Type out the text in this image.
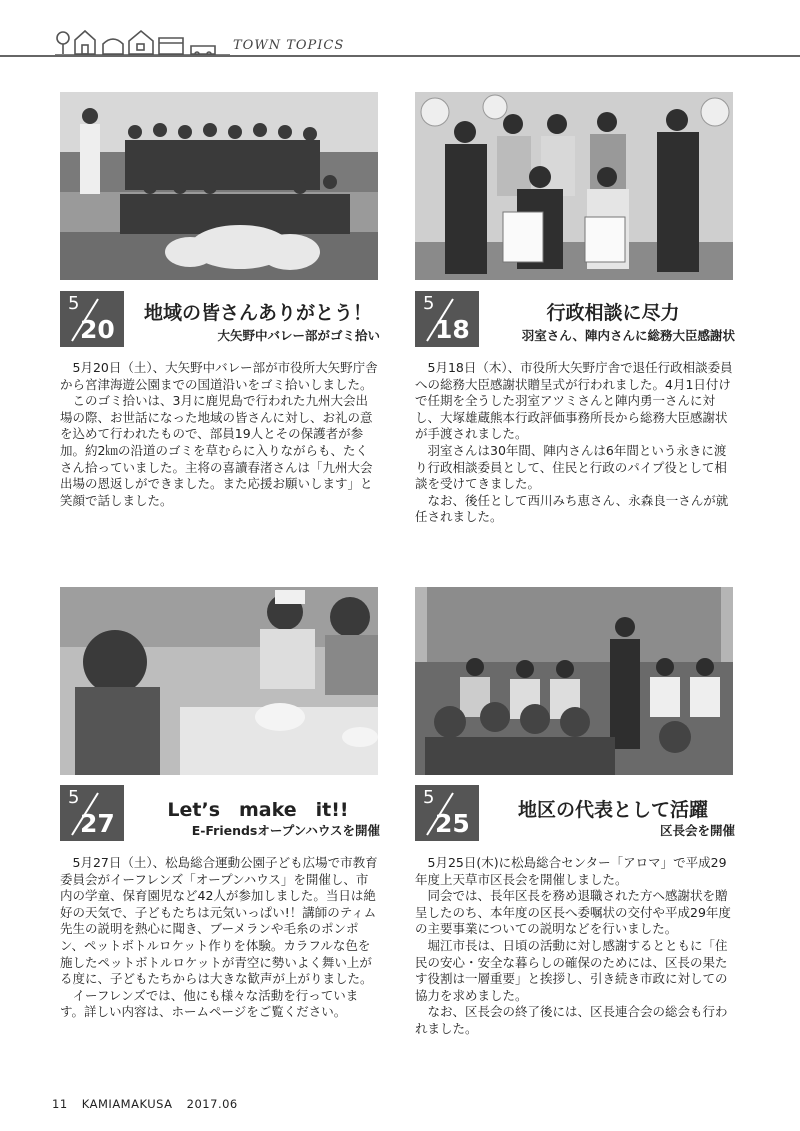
TOWN TOPICS
5
20
地域の皆さんありがとう！
大矢野中バレー部がゴミ拾い

5月20日（土）、大矢野中バレー部が市役所大矢野庁舎から宮津海遊公園までの国道沿いをゴミ拾いしました。

このゴミ拾いは、3月に鹿児島で行われた九州大会出場の際、お世話になった地域の皆さんに対し、お礼の意を込めて行われたもので、部員19人とその保護者が参加。約2㎞の沿道のゴミを草むらに入りながらも、たくさん拾っていました。主将の喜讀春渚さんは「九州大会出場の恩返しができました。また応援お願いします」と笑顔で話しました。

5
18
行政相談に尽力
羽室さん、陣内さんに総務大臣感謝状

5月18日（木）、市役所大矢野庁舎で退任行政相談委員への総務大臣感謝状贈呈式が行われました。4月1日付けで任期を全うした羽室アツミさんと陣内勇一さんに対し、大塚雄蔵熊本行政評価事務所長から総務大臣感謝状が手渡されました。

羽室さんは30年間、陣内さんは6年間という永きに渡り行政相談委員として、住民と行政のパイプ役として相談を受けてきました。

なお、後任として西川みち恵さん、永森良一さんが就任されました。

5
27	Let’s　make　it!!
E-Friendsオープンハウスを開催

5月27日（土）、松島総合運動公園子ども広場で市教育委員会がイーフレンズ「オープンハウス」を開催し、市内の学童、保育園児など42人が参加しました。当日は絶好の天気で、子どもたちは元気いっぱい!！講師のティム先生の説明を熱心に聞き、ブーメランや毛糸のポンポン、ペットボトルロケット作りを体験。カラフルな色を施したペットボトルロケットが青空に勢いよく舞い上がる度に、子どもたちからは大きな歓声が上がりました。

イーフレンズでは、他にも様々な活動を行っています。詳しい内容は、ホームページをご覧ください。

5
25	地区の代表として活躍
区長会を開催

5月25日(木)に松島総合センター「アロマ」で平成29年度上天草市区長会を開催しました。

同会では、長年区長を務め退職された方へ感謝状を贈呈したのち、本年度の区長へ委嘱状の交付や平成29年度の主要事業についての説明などを行いました。

堀江市長は、日頃の活動に対し感謝するとともに「住民の安心・安全な暮らしの確保のためには、区長の果たす役割は一層重要」と挨拶し、引き続き市政に対しての協力を求めました。

なお、区長会の終了後には、区長連合会の総会も行われました。

11 KAMIAMAKUSA 2017.06
